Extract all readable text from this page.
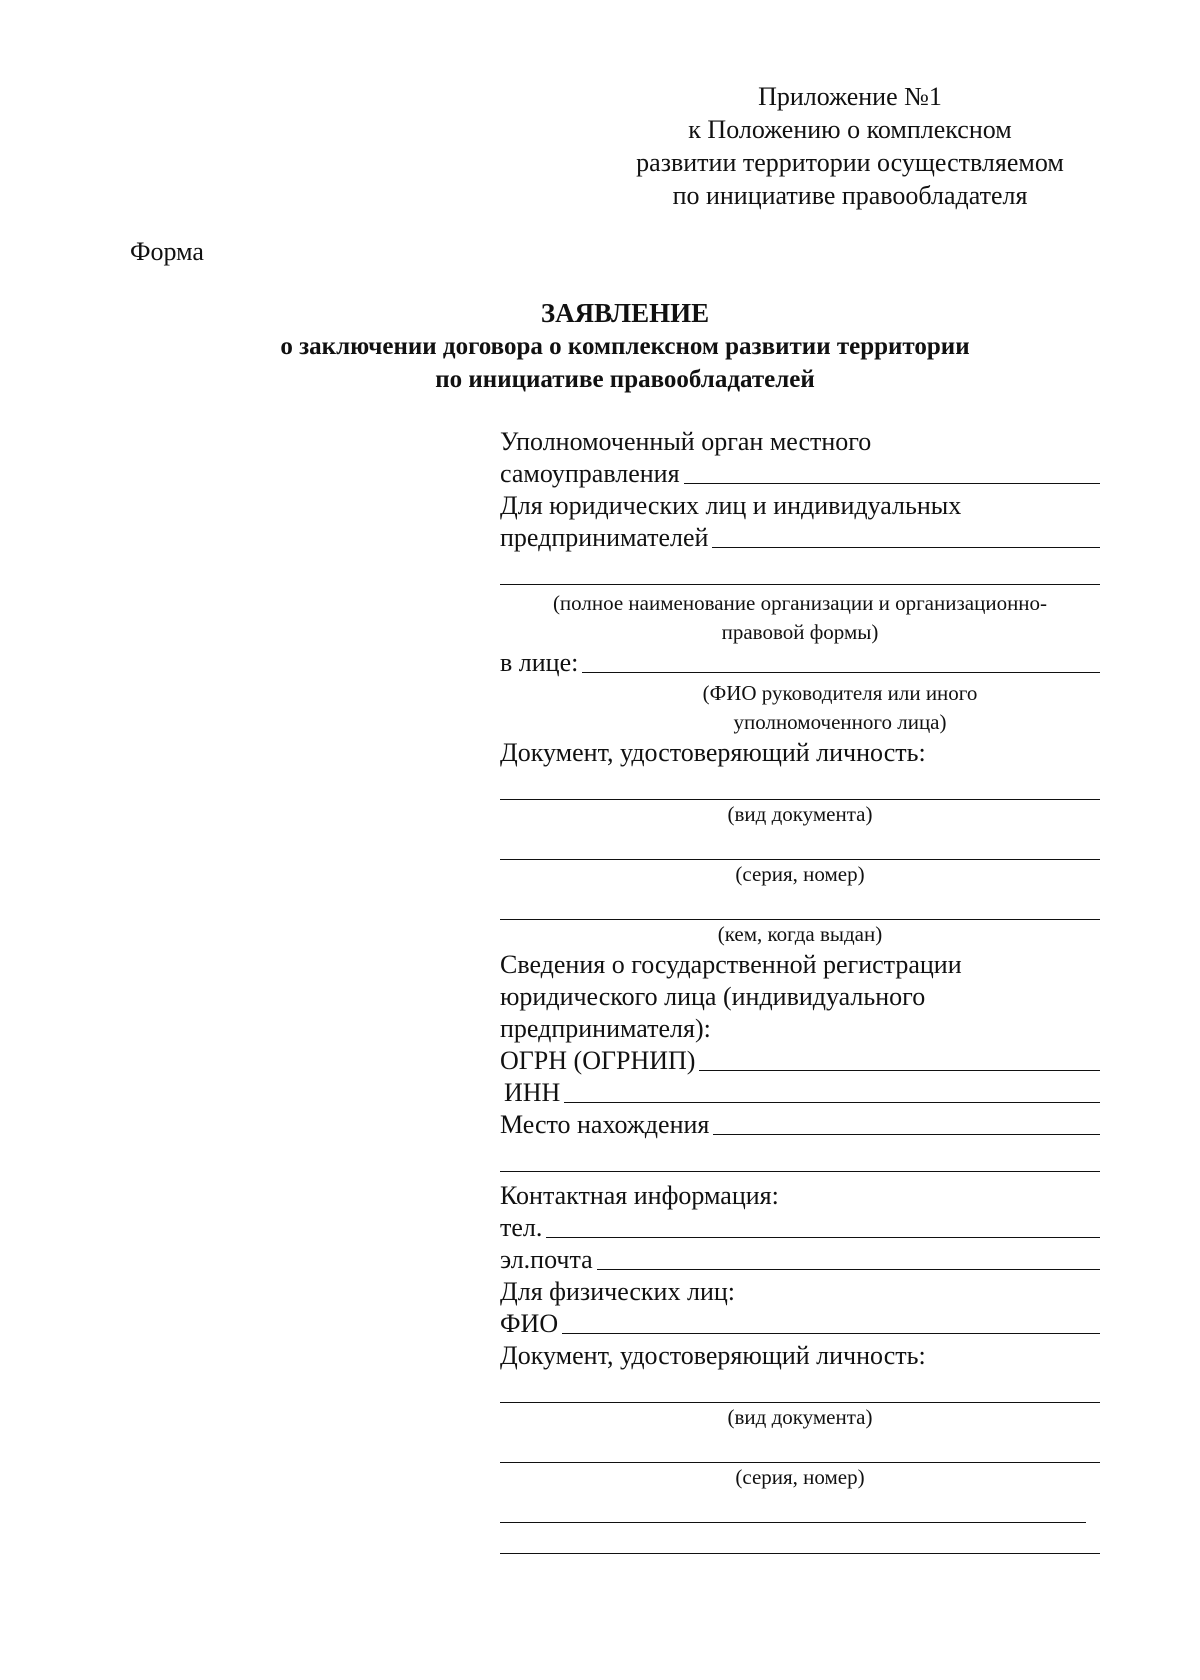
Приложение №1
к Положению о комплексном
развитии территории осуществляемом
по инициативе правообладателя
Форма
ЗАЯВЛЕНИЕ
о заключении договора о комплексном развитии территории
по инициативе правообладателей
Уполномоченный орган местного
самоуправления
Для юридических лиц и индивидуальных
предпринимателей
(полное наименование организации и организационно-
правовой формы)
в лице:
(ФИО руководителя или иного
уполномоченного лица)
Документ, удостоверяющий личность:
(вид документа)
(серия, номер)
(кем, когда выдан)
Сведения о государственной регистрации
юридического лица (индивидуального
предпринимателя):
ОГРН (ОГРНИП)
ИНН
Место нахождения
Контактная информация:
тел.
эл.почта
Для физических лиц:
ФИО
Документ, удостоверяющий личность:
(вид документа)
(серия, номер)
